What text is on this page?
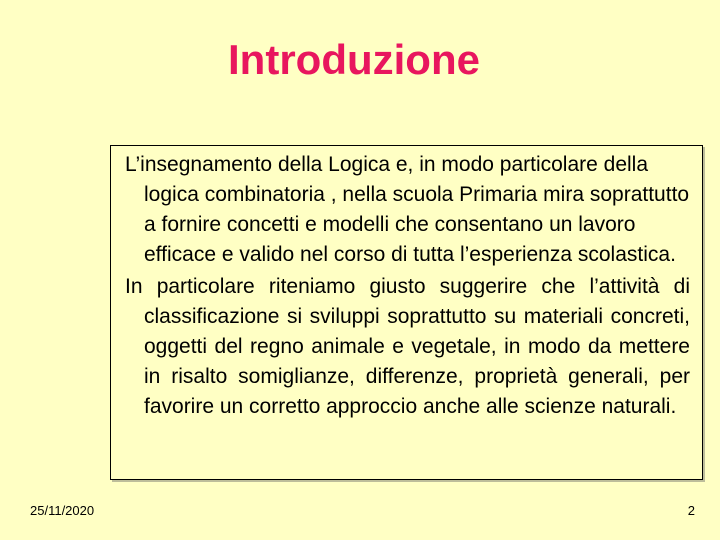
Introduzione

L’insegnamento della Logica e, in modo particolare della logica combinatoria , nella scuola Primaria mira soprattutto a fornire concetti e modelli che consentano un lavoro efficace e valido nel corso di tutta l’esperienza scolastica.

In particolare riteniamo giusto suggerire che l’attività di classificazione si sviluppi soprattutto su materiali concreti, oggetti del regno animale e vegetale, in modo da mettere in risalto somiglianze, differenze, proprietà generali, per favorire un corretto approccio anche alle scienze naturali.

25/11/2020	2
